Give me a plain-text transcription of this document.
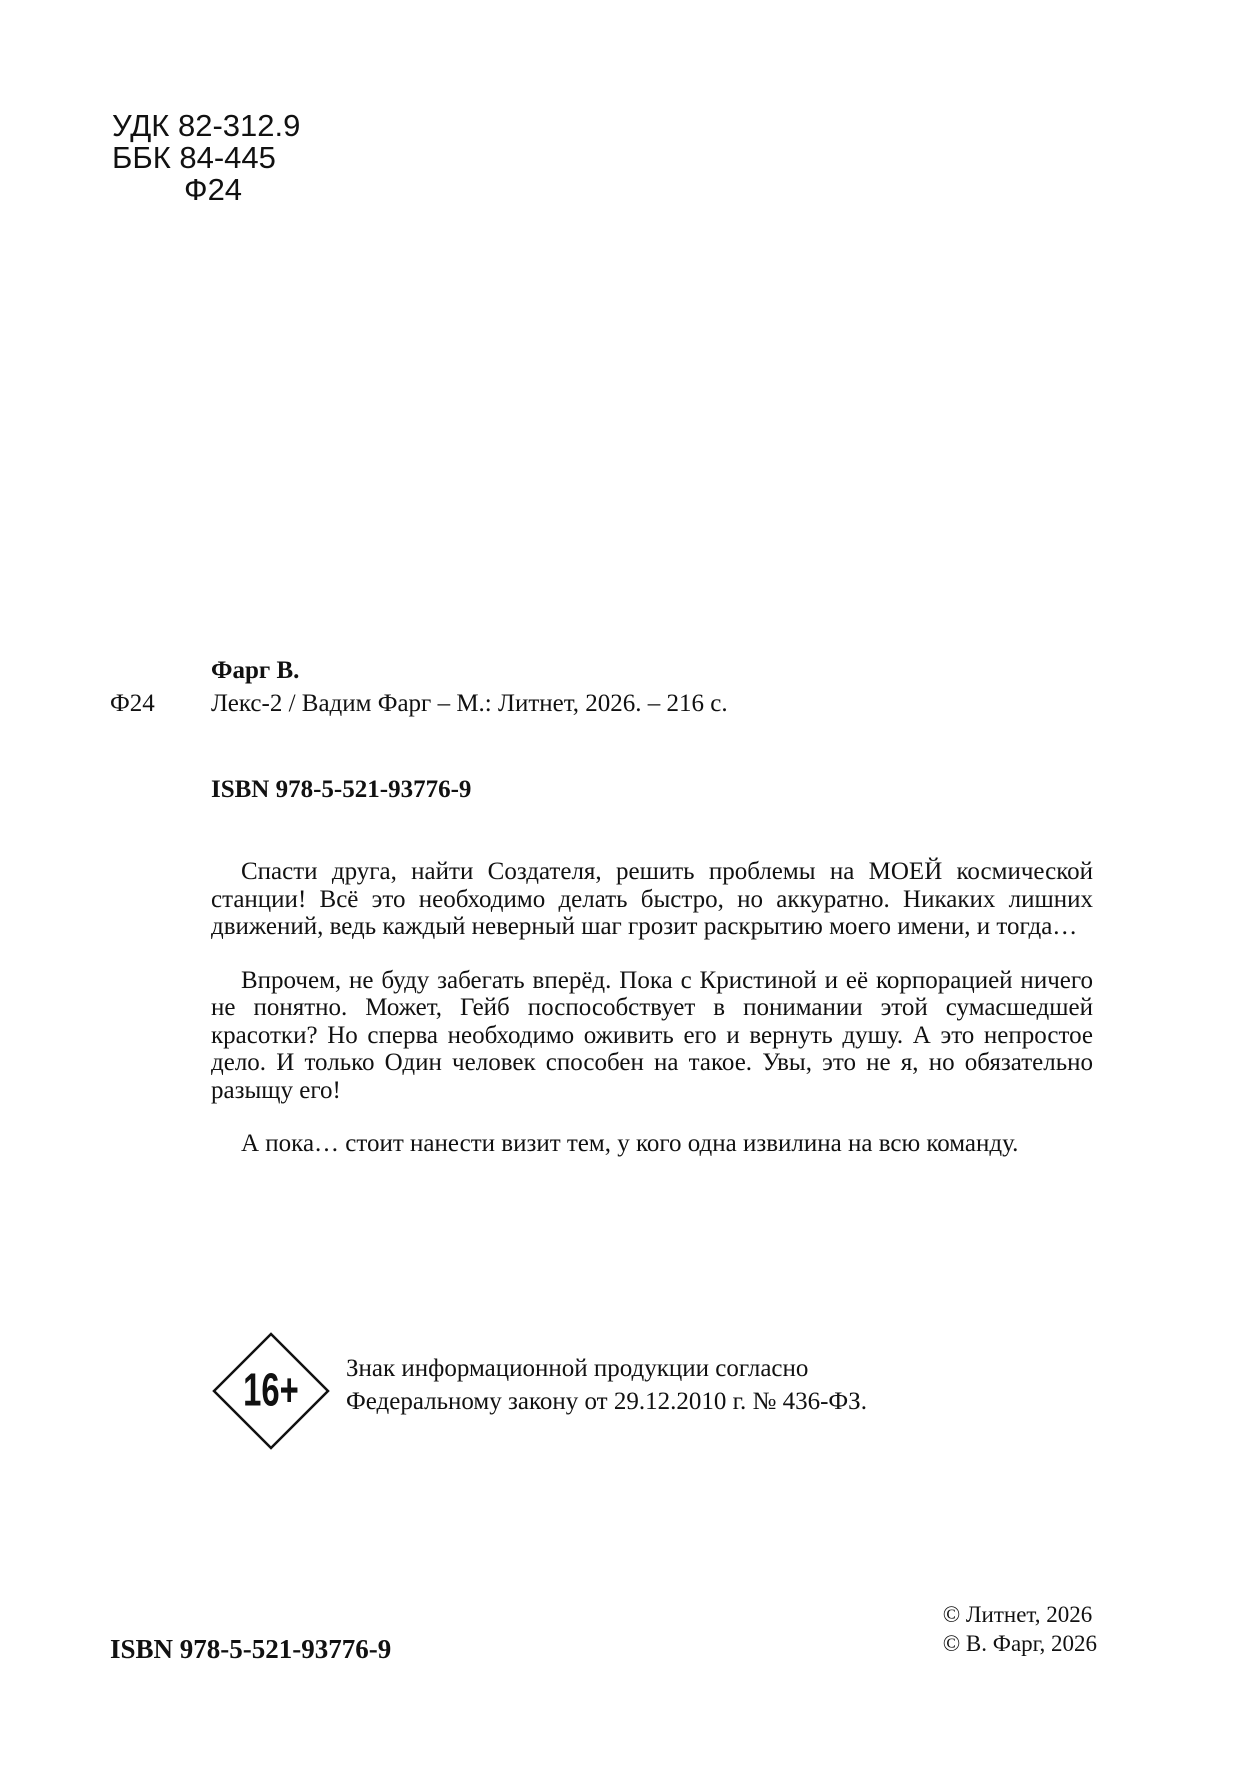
УДК 82-312.9
ББК 84-445
Ф24
Фарг В.
Ф24 Лекс-2 / Вадим Фарг – М.: Литнет, 2026. – 216 с.
ISBN 978-5-521-93776-9

Спасти друга, найти Создателя, решить проблемы на МОЕЙ космической станции! Всё это необходимо делать быстро, но аккуратно. Никаких лишних движений, ведь каждый неверный шаг грозит раскрытию моего имени, и тогда…

Впрочем, не буду забегать вперёд. Пока с Кристиной и её корпорацией ничего не понятно. Может, Гейб поспособствует в понимании этой сумасшедшей красотки? Но сперва необходимо оживить его и вернуть душу. А это непростое дело. И только Один человек способен на такое. Увы, это не я, но обязательно разыщу его!

А пока… стоит нанести визит тем, у кого одна извилина на всю команду.

16+ Знак информационной продукции согласно
Федеральному закону от 29.12.2010 г. № 436-ФЗ.
ISBN 978-5-521-93776-9
© Литнет, 2026
© В. Фарг, 2026
